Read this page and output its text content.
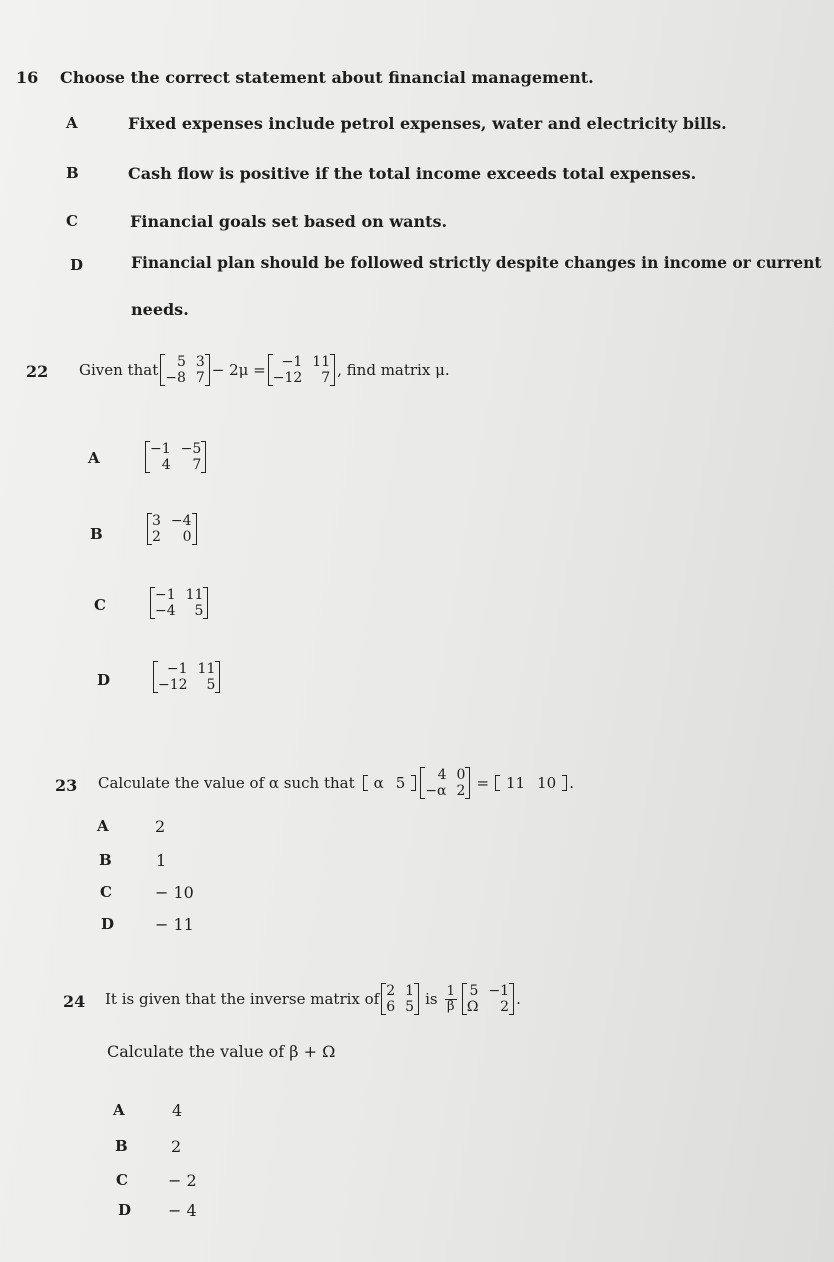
16 Choose the correct statement about financial management.
A	Fixed expenses include petrol expenses, water and electricity bills.
B	Cash flow is positive if the total income exceeds total expenses.
C	Financial goals set based on wants.
D	Financial plan should be followed strictly despite changes in income or current
needs.
22 Given that	5 3
−8 7 − 2μ =	−1 11
−12	7 , find matrix μ.
A	−1 −5
4	7
B
3 −4
2	0
C
−1 11
−4	5
D
−1 11
−12	5
23 Calculate the value of α such that	α 5	4 0
−α 2 =	11 10 .
A	2
B	1
C	− 10
D	− 11
24 It is given that the inverse matrix of 2 1
6 5 is $\frac{1}{\beta} 5 -1$
Ω	2 .
Calculate the value of β + Ω
A	4
B	2
C	− 2
D − 4
